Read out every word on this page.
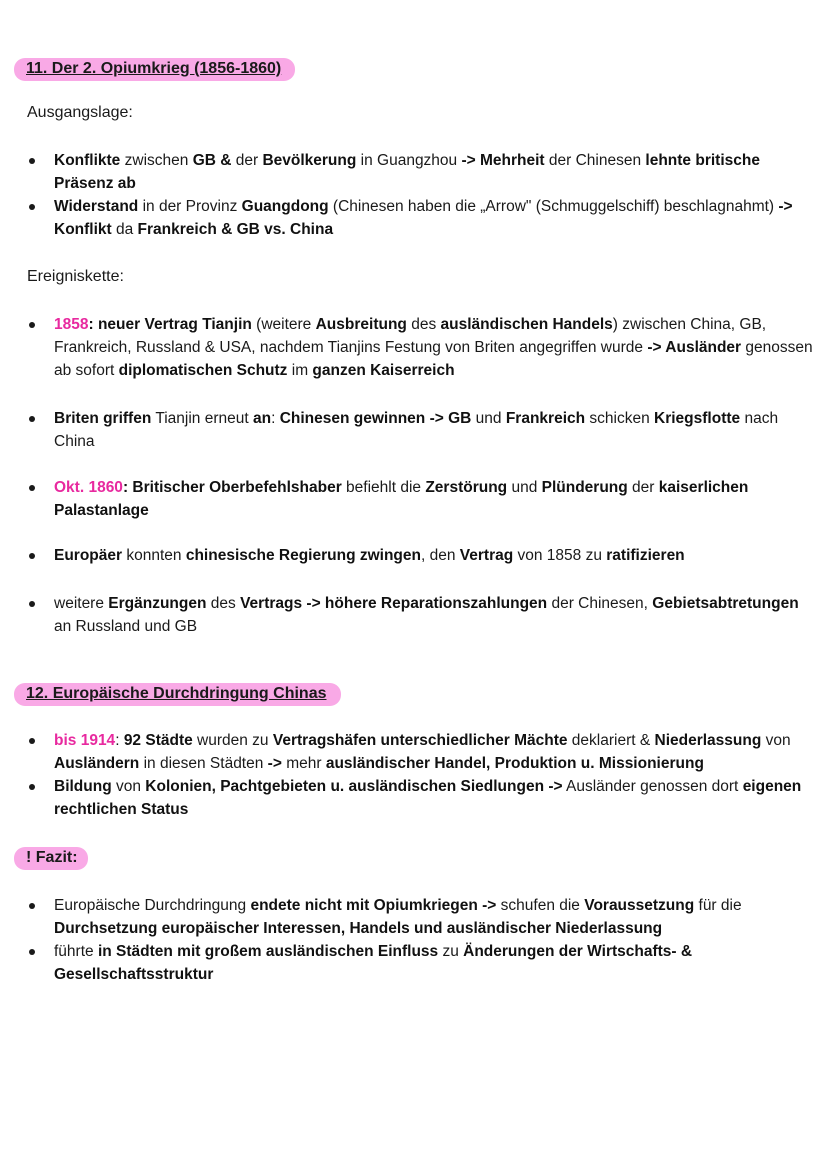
11. Der 2. Opiumkrieg (1856-1860)
Ausgangslage:
Konflikte zwischen GB & der Bevölkerung in Guangzhou -> Mehrheit der Chinesen lehnte britische Präsenz ab
Widerstand in der Provinz Guangdong (Chinesen haben die „Arrow" (Schmuggelschiff) beschlagnahmt) -> Konflikt da Frankreich & GB vs. China
Ereigniskette:
1858: neuer Vertrag Tianjin (weitere Ausbreitung des ausländischen Handels) zwischen China, GB, Frankreich, Russland & USA, nachdem Tianjins Festung von Briten angegriffen wurde -> Ausländer genossen ab sofort diplomatischen Schutz im ganzen Kaiserreich
Briten griffen Tianjin erneut an: Chinesen gewinnen -> GB und Frankreich schicken Kriegsflotte nach China
Okt. 1860: Britischer Oberbefehlshaber befiehlt die Zerstörung und Plünderung der kaiserlichen Palastanlage
Europäer konnten chinesische Regierung zwingen, den Vertrag von 1858 zu ratifizieren
weitere Ergänzungen des Vertrags -> höhere Reparationszahlungen der Chinesen, Gebietsabtretungen an Russland und GB
12. Europäische Durchdringung Chinas
bis 1914: 92 Städte wurden zu Vertragshäfen unterschiedlicher Mächte deklariert & Niederlassung von Ausländern in diesen Städten -> mehr ausländischer Handel, Produktion u. Missionierung
Bildung von Kolonien, Pachtgebieten u. ausländischen Siedlungen -> Ausländer genossen dort eigenen rechtlichen Status
! Fazit:
Europäische Durchdringung endete nicht mit Opiumkriegen -> schufen die Voraussetzung für die Durchsetzung europäischer Interessen, Handels und ausländischer Niederlassung
führte in Städten mit großem ausländischen Einfluss zu Änderungen der Wirtschafts- & Gesellschaftsstruktur
